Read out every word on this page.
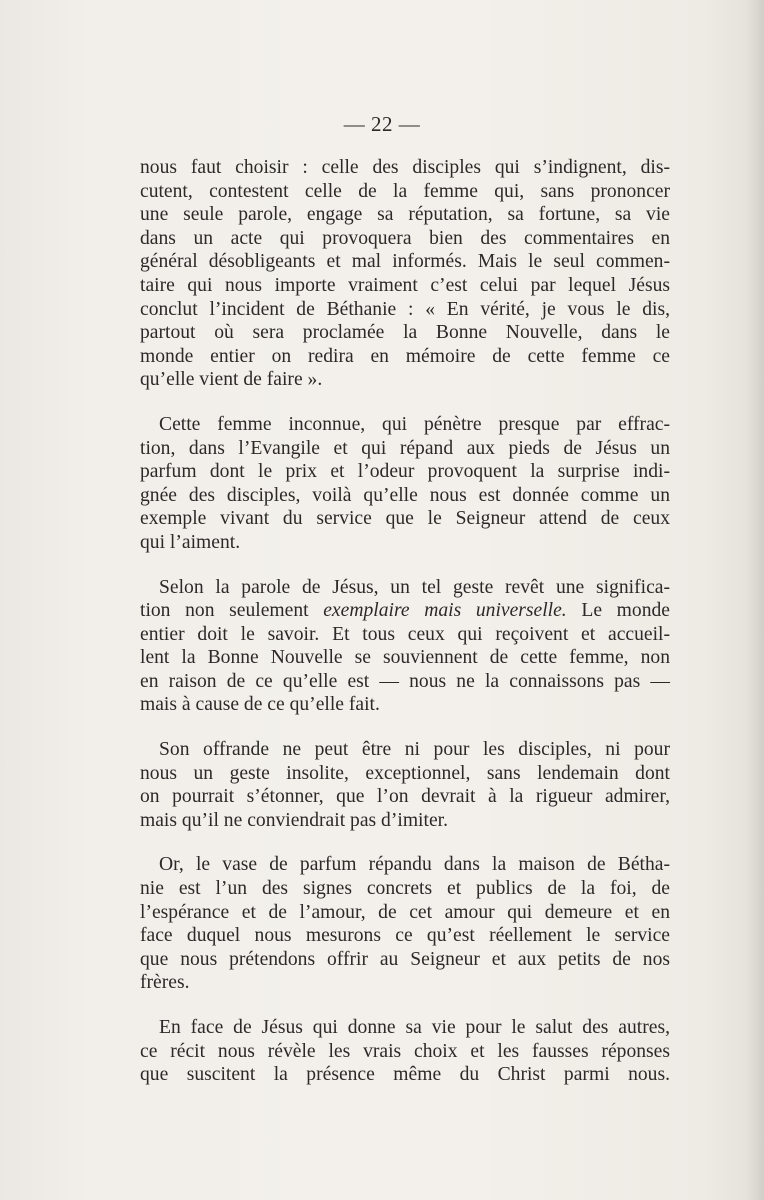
— 22 —

nous faut choisir : celle des disciples qui s’indignent, dis-
cutent, contestent celle de la femme qui, sans prononcer
une seule parole, engage sa réputation, sa fortune, sa vie
dans un acte qui provoquera bien des commentaires en
général désobligeants et mal informés. Mais le seul commen-
taire qui nous importe vraiment c’est celui par lequel Jésus
conclut l’incident de Béthanie : « En vérité, je vous le dis,
partout où sera proclamée la Bonne Nouvelle, dans le
monde entier on redira en mémoire de cette femme ce
qu’elle vient de faire ».

Cette femme inconnue, qui pénètre presque par effrac-
tion, dans l’Evangile et qui répand aux pieds de Jésus un
parfum dont le prix et l’odeur provoquent la surprise indi-
gnée des disciples, voilà qu’elle nous est donnée comme un
exemple vivant du service que le Seigneur attend de ceux
qui l’aiment.

Selon la parole de Jésus, un tel geste revêt une significa-
tion non seulement exemplaire mais universelle. Le monde
entier doit le savoir. Et tous ceux qui reçoivent et accueil-
lent la Bonne Nouvelle se souviennent de cette femme, non
en raison de ce qu’elle est — nous ne la connaissons pas —
mais à cause de ce qu’elle fait.

Son offrande ne peut être ni pour les disciples, ni pour
nous un geste insolite, exceptionnel, sans lendemain dont
on pourrait s’étonner, que l’on devrait à la rigueur admirer,
mais qu’il ne conviendrait pas d’imiter.

Or, le vase de parfum répandu dans la maison de Bétha-
nie est l’un des signes concrets et publics de la foi, de
l’espérance et de l’amour, de cet amour qui demeure et en
face duquel nous mesurons ce qu’est réellement le service
que nous prétendons offrir au Seigneur et aux petits de nos
frères.

En face de Jésus qui donne sa vie pour le salut des autres,
ce récit nous révèle les vrais choix et les fausses réponses
que suscitent la présence même du Christ parmi nous.
